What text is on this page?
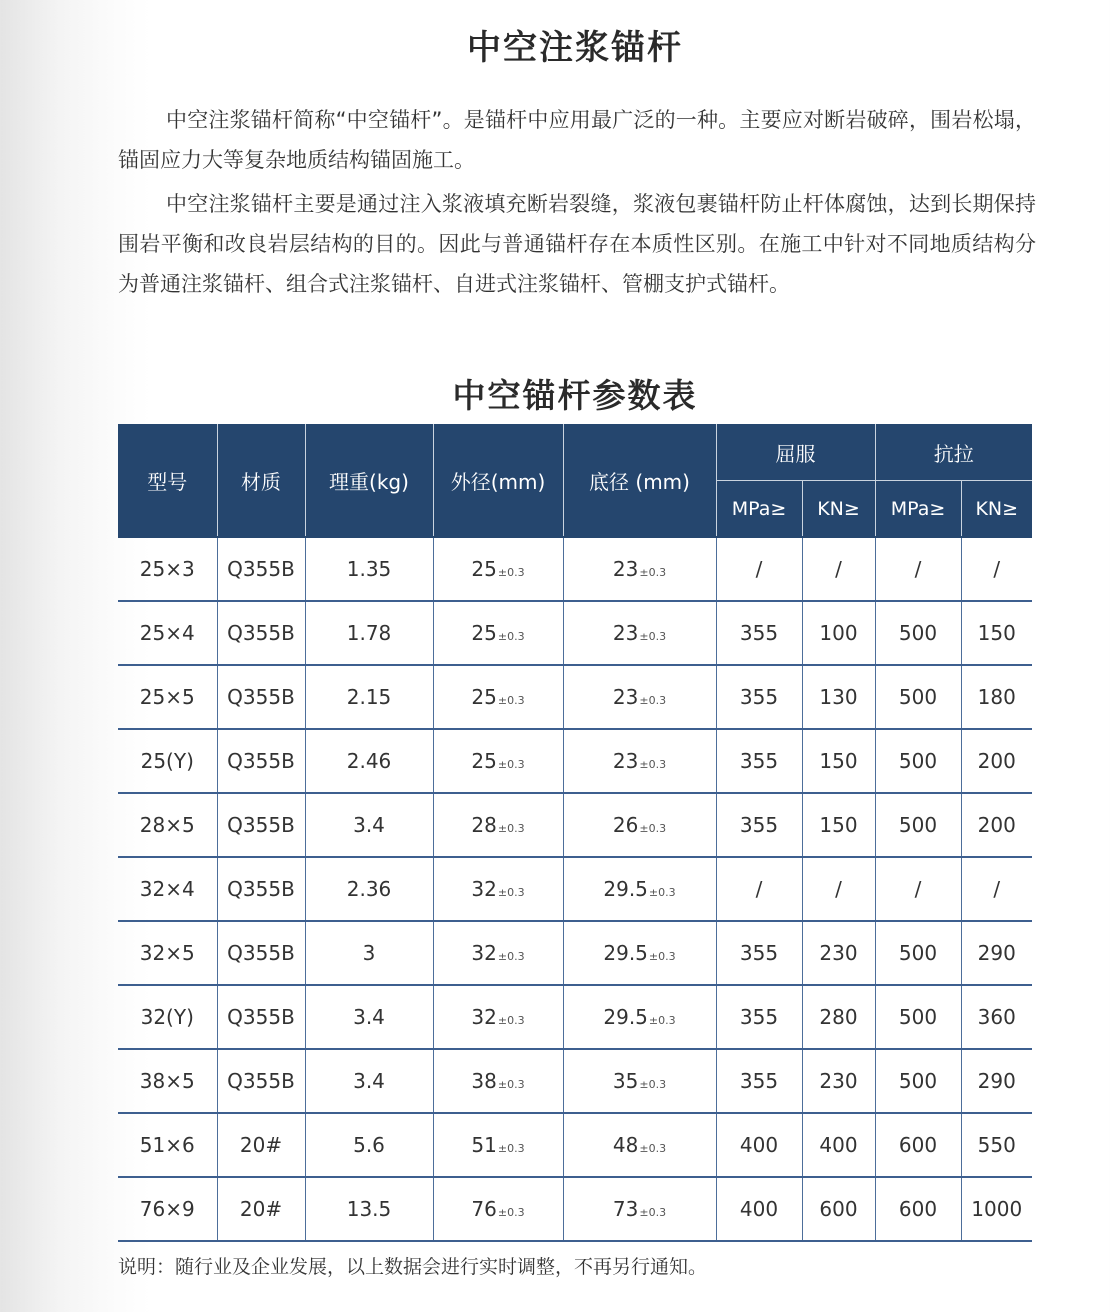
中空注浆锚杆

中空注浆锚杆简称“中空锚杆”。是锚杆中应用最广泛的一种。主要应对断岩破碎，围岩松塌，锚固应力大等复杂地质结构锚固施工。

中空注浆锚杆主要是通过注入浆液填充断岩裂缝，浆液包裹锚杆防止杆体腐蚀，达到长期保持围岩平衡和改良岩层结构的目的。因此与普通锚杆存在本质性区别。在施工中针对不同地质结构分为普通注浆锚杆、组合式注浆锚杆、自进式注浆锚杆、管棚支护式锚杆。

中空锚杆参数表
型号	材质	理重(kg)	外径(mm)	底径 (mm)	屈服		抗拉	
					MPa≥	KN≥	MPa≥	KN≥
25×3	Q355B	1.35	25±0.3	23±0.3	/	/	/	/
25×4	Q355B	1.78	25±0.3	23±0.3	355	100	500	150
25×5	Q355B	2.15	25±0.3	23±0.3	355	130	500	180
25(Y)	Q355B	2.46	25±0.3	23±0.3	355	150	500	200
28×5	Q355B	3.4	28±0.3	26±0.3	355	150	500	200
32×4	Q355B	2.36	32±0.3	29.5±0.3	/	/	/	/
32×5	Q355B	3	32±0.3	29.5±0.3	355	230	500	290
32(Y)	Q355B	3.4	32±0.3	29.5±0.3	355	280	500	360
38×5	Q355B	3.4	38±0.3	35±0.3	355	230	500	290
51×6	20#	5.6	51±0.3	48±0.3	400	400	600	550
76×9	20#	13.5	76±0.3	73±0.3	400	600	600	1000
说明：随行业及企业发展，以上数据会进行实时调整，不再另行通知。
